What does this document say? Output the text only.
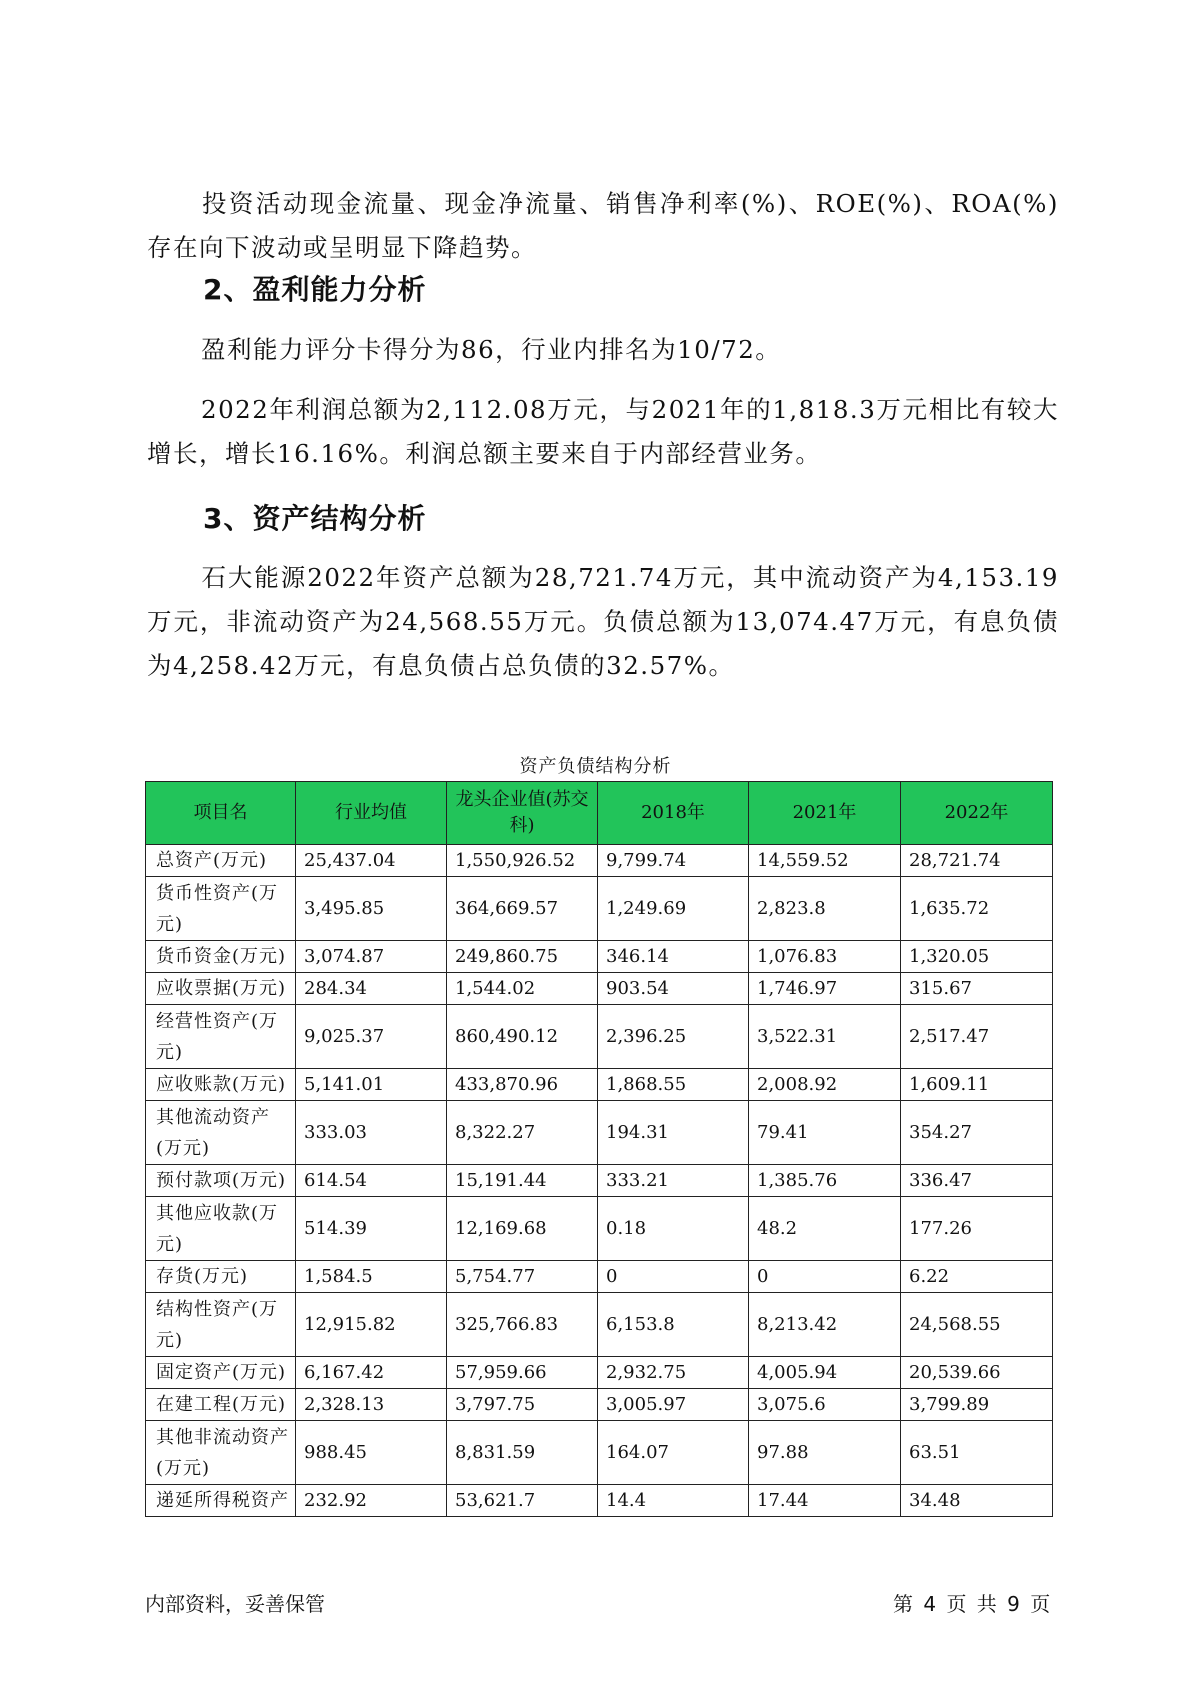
投资活动现金流量、现金净流量、销售净利率(%)、ROE(%)、ROA(%)存在向下波动或呈明显下降趋势。

2、盈利能力分析

盈利能力评分卡得分为86，行业内排名为10/72。

2022年利润总额为2,112.08万元，与2021年的1,818.3万元相比有较大增长，增长16.16%。利润总额主要来自于内部经营业务。

3、资产结构分析

石大能源2022年资产总额为28,721.74万元，其中流动资产为4,153.19万元，非流动资产为24,568.55万元。负债总额为13,074.47万元，有息负债为4,258.42万元，有息负债占总负债的32.57%。

资产负债结构分析
项目名	行业均值	龙头企业值(苏交科)	2018年	2021年	2022年
总资产(万元)	25,437.04	1,550,926.52	9,799.74	14,559.52	28,721.74
货币性资产(万元)	3,495.85	364,669.57	1,249.69	2,823.8	1,635.72
货币资金(万元)	3,074.87	249,860.75	346.14	1,076.83	1,320.05
应收票据(万元)	284.34	1,544.02	903.54	1,746.97	315.67
经营性资产(万元)	9,025.37	860,490.12	2,396.25	3,522.31	2,517.47
应收账款(万元)	5,141.01	433,870.96	1,868.55	2,008.92	1,609.11
其他流动资产(万元)	333.03	8,322.27	194.31	79.41	354.27
预付款项(万元)	614.54	15,191.44	333.21	1,385.76	336.47
其他应收款(万元)	514.39	12,169.68	0.18	48.2	177.26
存货(万元)	1,584.5	5,754.77	0	0	6.22
结构性资产(万元)	12,915.82	325,766.83	6,153.8	8,213.42	24,568.55
固定资产(万元)	6,167.42	57,959.66	2,932.75	4,005.94	20,539.66
在建工程(万元)	2,328.13	3,797.75	3,005.97	3,075.6	3,799.89
其他非流动资产(万元)	988.45	8,831.59	164.07	97.88	63.51
递延所得税资产	232.92	53,621.7	14.4	17.44	34.48
内部资料，妥善保管	第 4 页 共 9 页
